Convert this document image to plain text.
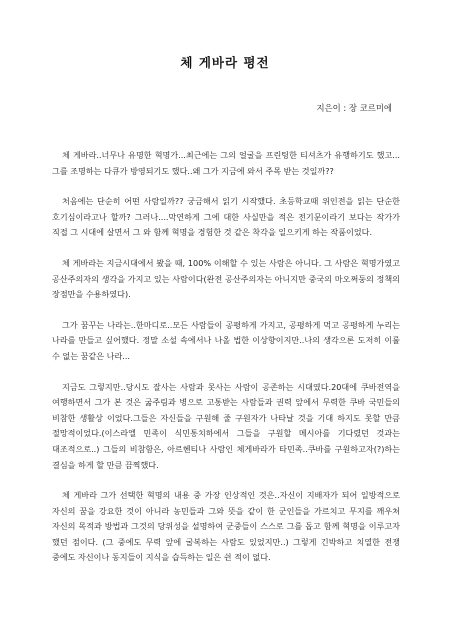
체 게바라 평전
지은이 : 장 코르미에

체 게바라..너무나 유명한 혁명가...최근에는 그의 얼굴을 프린팅한 티셔츠가 유행하기도 했고...그를 조명하는 다큐가 방영되기도 했다..왜 그가 지금에 와서 주목 받는 것일까??

처음에는 단순히 어떤 사람일까?? 궁금해서 읽기 시작했다. 초등학교때 위인전을 읽는 단순한 호기심이라고나 할까? 그러나....막연하게 그에 대한 사실만을 적은 전기문이라기 보다는 작가가 직접 그 시대에 살면서 그 와 함께 혁명을 경험한 것 같은 착각을 일으키게 하는 작품이었다.

체 게바라는 지금시대에서 봤을 때, 100% 이해할 수 있는 사람은 아니다. 그 사람은 혁명가였고 공산주의자의 생각을 가지고 있는 사람이다(완전 공산주의자는 아니지만 중국의 마오쩌둥의 정책의 장점만을 수용하였다).

그가 꿈꾸는 나라는..한마디로..모든 사람들이 공평하게 가지고, 공평하게 먹고 공평하게 누리는 나라를 만들고 싶어했다. 정말 소설 속에서나 나올 법한 이상향이지만..나의 생각으론 도저히 이룰 수 없는 꿈같은 나라...

지금도 그렇지만..당시도 잘사는 사람과 못사는 사람이 공존하는 시대였다.20대에 쿠바전역을 여행하면서 그가 본 것은 굶주림과 병으로 고통받는 사람들과 권력 앞에서 무력한 쿠바 국민들의 비참한 생활상 이었다.그들은 자신들을 구원해 줄 구원자가 나타날 것을 기대 하지도 못할 만큼 절망적이었다.(이스라엘 민족이 식민통치하에서 그들을 구원할 메시아를 기다렸던 것과는 대조적으로..) 그들의 비참함은, 아르헨티나 사람인 체게바라가 타민족..쿠바를 구원하고자(?)하는 결심을 하게 할 만큼 끔찍했다.

체 게바라 그가 선택한 혁명의 내용 중 가장 인상적인 것은..자신이 지배자가 되어 일방적으로 자신의 꿈을 강요한 것이 아니라 농민들과 그와 뜻을 같이 한 군인들을 가르치고 무지를 깨우쳐 자신의 목적과 방법과 그것의 당위성을 설명하여 군중들이 스스로 그를 돕고 함께 혁명을 이루고자 했던 점이다. (그 중에도 무력 앞에 굴복하는 사람도 있었지만..) 그렇게 긴박하고 치열한 전쟁 중에도 자신이나 동지들이 지식을 습득하는 일은 쉰 적이 없다.
